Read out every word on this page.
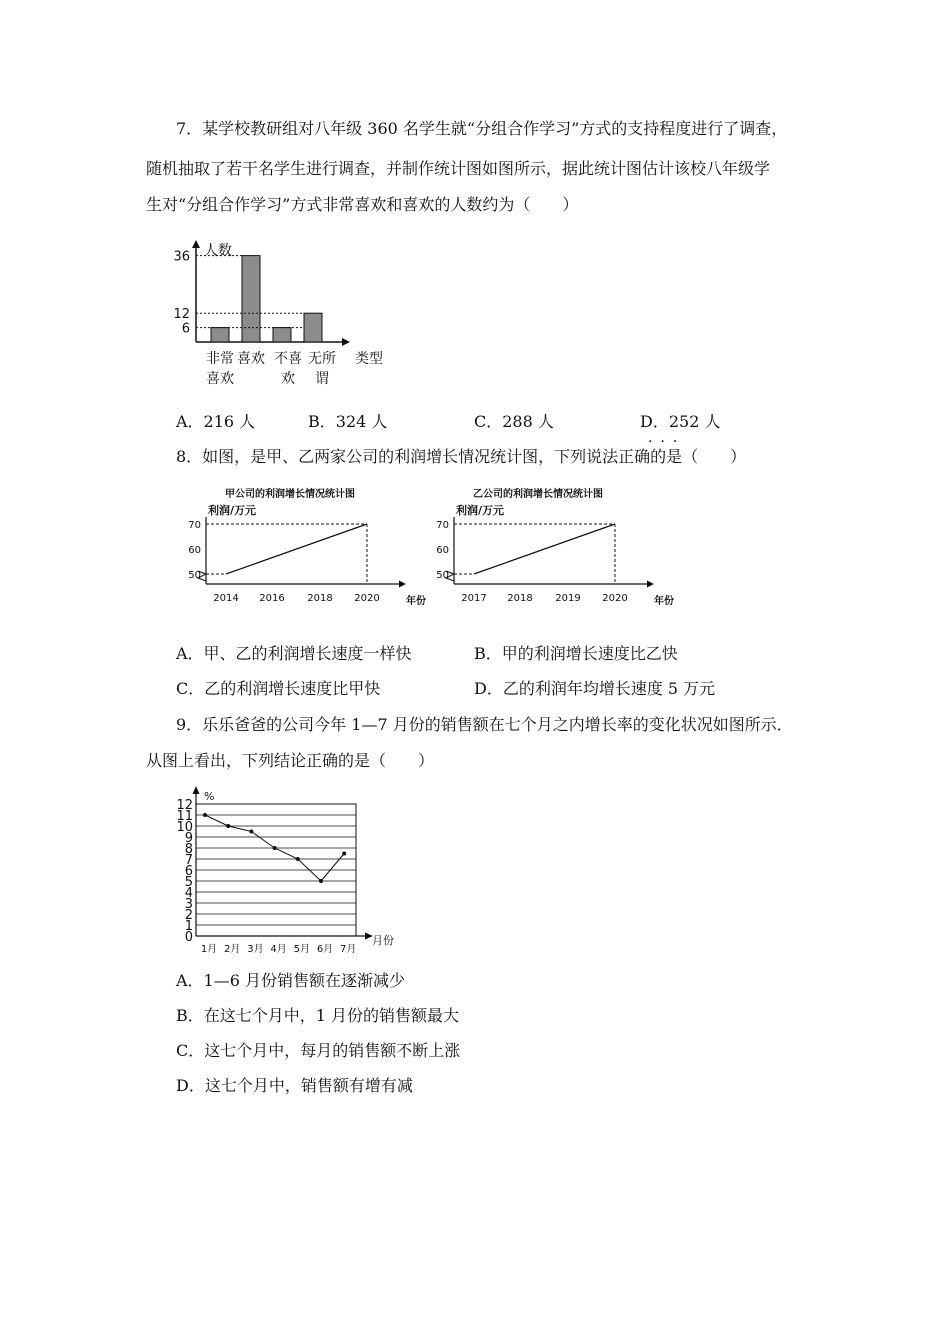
7．某学校教研组对八年级 360 名学生就“分组合作学习”方式的支持程度进行了调查，
随机抽取了若干名学生进行调查，并制作统计图如图所示，据此统计图估计该校八年级学
生对“分组合作学习”方式非常喜欢和喜欢的人数约为（　　）
人数
类型
36
12
6
非常 喜欢 不喜 无所
喜欢	欢 谓
A．216 人	B．324 人	C．288 人	D．252 人
···
8．如图，是甲、乙两家公司的利润增长情况统计图，下列说法正确的是（　　）
甲公司的利润增长情况统计图
利润/万元
年份
70
60
50
2014 2016 2018 2020
乙公司的利润增长情况统计图
利润/万元
年份
70
60
50
2017 2018 2019 2020
A．甲、乙的利润增长速度一样快	B．甲的利润增长速度比乙快
C．乙的利润增长速度比甲快	D．乙的利润年均增长速度 5 万元
9．乐乐爸爸的公司今年 1—7 月份的销售额在七个月之内增长率的变化状况如图所示．
从图上看出，下列结论正确的是（　　）
%
月份
12
11
10
9
8
7
6
5
4
3
2
1
0
1月 2月 3月 4月 5月 6月 7月
A．1—6 月份销售额在逐渐减少
B．在这七个月中，1 月份的销售额最大
C．这七个月中，每月的销售额不断上涨
D．这七个月中，销售额有增有减
